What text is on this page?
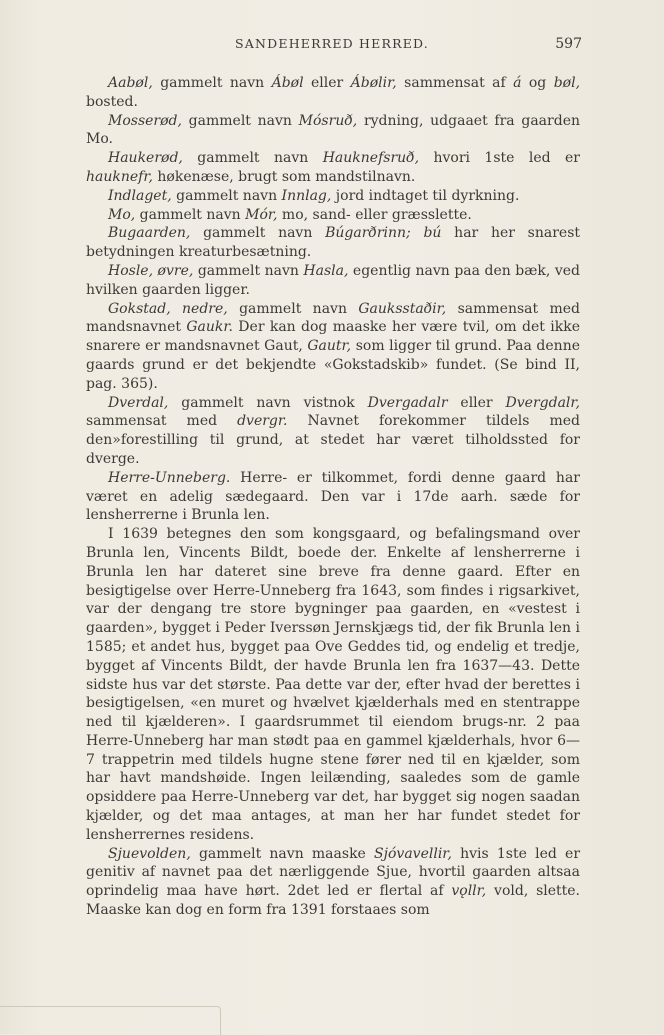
SANDEHERRED HERRED.	597

Aabøl, gammelt navn Ábøl eller Ábølir, sammensat af á og bøl, bosted.

Mosserød, gammelt navn Mósruð, rydning, udgaaet fra gaarden Mo.

Haukerød, gammelt navn Hauknefsruð, hvori 1ste led er hauknefr, høkenæse, brugt som mandstilnavn.

Indlaget, gammelt navn Innlag, jord indtaget til dyrkning.

Mo, gammelt navn Mór, mo, sand- eller græsslette.

Bugaarden, gammelt navn Búgarðrinn; bú har her snarest betydningen kreaturbesætning.

Hosle, øvre, gammelt navn Hasla, egentlig navn paa den bæk, ved hvilken gaarden ligger.

Gokstad, nedre, gammelt navn Gauksstaðir, sammensat med mandsnavnet Gaukr. Der kan dog maaske her være tvil, om det ikke snarere er mandsnavnet Gaut, Gautr, som ligger til grund. Paa denne gaards grund er det bekjendte «Gokstadskib» fundet. (Se bind II, pag. 365).

Dverdal, gammelt navn vistnok Dvergadalr eller Dvergdalr, sammensat med dvergr. Navnet forekommer tildels med den»forestilling til grund, at stedet har været tilholdssted for dverge.

Herre-Unneberg. Herre- er tilkommet, fordi denne gaard har været en adelig sædegaard. Den var i 17de aarh. sæde for lensherrerne i Brunla len.

I 1639 betegnes den som kongsgaard, og befalingsmand over Brunla len, Vincents Bildt, boede der. Enkelte af lensherrerne i Brunla len har dateret sine breve fra denne gaard. Efter en besigtigelse over Herre-Unneberg fra 1643, som findes i rigsarkivet, var der dengang tre store bygninger paa gaarden, en «vestest i gaarden», bygget i Peder Iverssøn Jernskjægs tid, der fik Brunla len i 1585; et andet hus, bygget paa Ove Geddes tid, og endelig et tredje, bygget af Vincents Bildt, der havde Brunla len fra 1637—43. Dette sidste hus var det største. Paa dette var der, efter hvad der berettes i besigtigelsen, «en muret og hvælvet kjælderhals med en stentrappe ned til kjælderen». I gaardsrummet til eiendom brugs-nr. 2 paa Herre-Unneberg har man stødt paa en gammel kjælderhals, hvor 6—7 trappetrin med tildels hugne stene fører ned til en kjælder, som har havt mandshøide. Ingen leilænding, saaledes som de gamle opsiddere paa Herre-Unneberg var det, har bygget sig nogen saadan kjælder, og det maa antages, at man her har fundet stedet for lensherrernes residens.

Sjuevolden, gammelt navn maaske Sjóvavellir, hvis 1ste led er genitiv af navnet paa det nærliggende Sjue, hvortil gaarden altsaa oprindelig maa have hørt. 2det led er flertal af vǫllr, vold, slette. Maaske kan dog en form fra 1391 forstaaes som
